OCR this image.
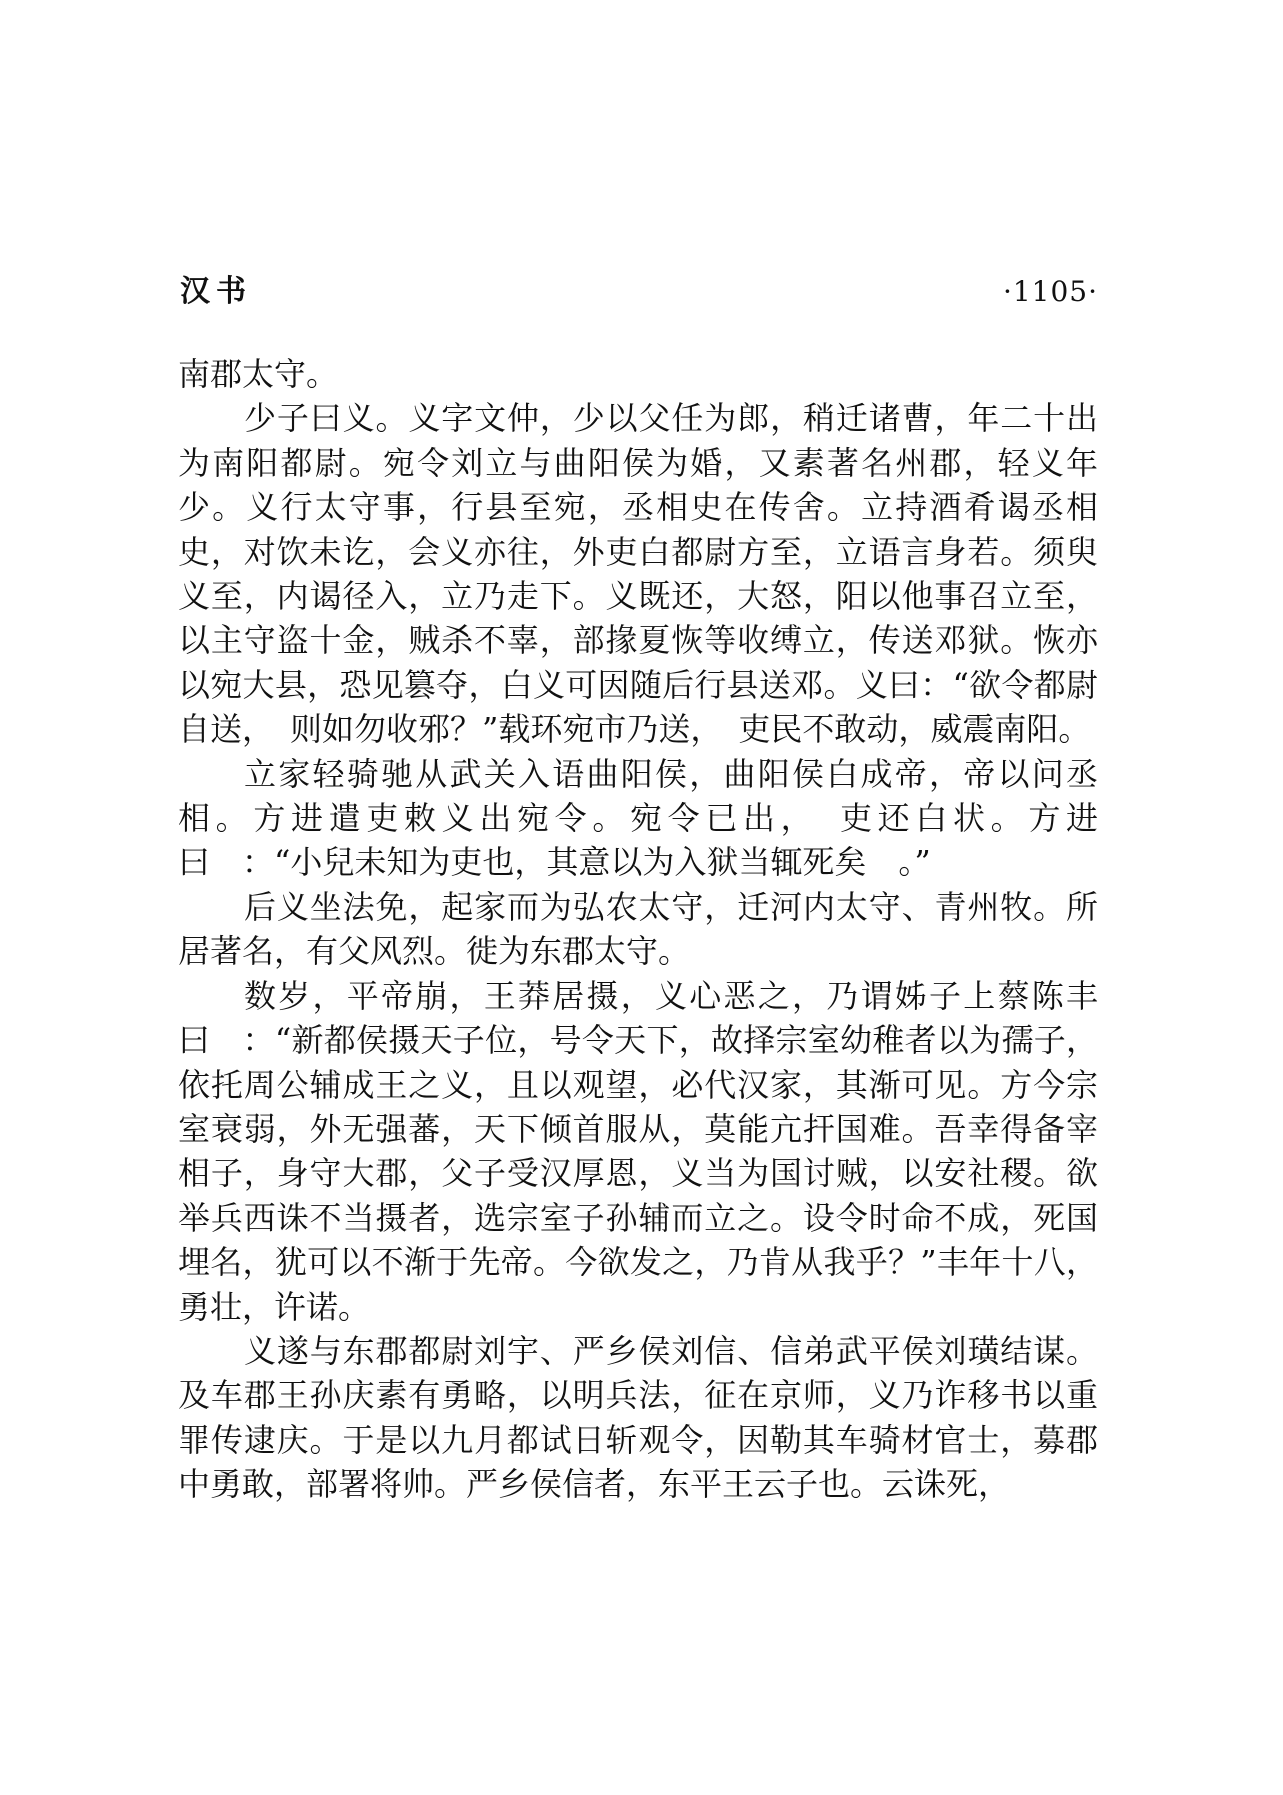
汉书	·1105·

南郡太守。

少子曰义。义字文仲，少以父任为郎，稍迁诸曹，年二十出为南阳都尉。宛令刘立与曲阳侯为婚，又素著名州郡，轻义年少。义行太守事，行县至宛，丞相史在传舍。立持酒肴谒丞相史，对饮未讫，会义亦往，外吏白都尉方至，立语言身若。须臾义至，内谒径入，立乃走下。义既还，大怒，阳以他事召立至，以主守盗十金，贼杀不辜，部掾夏恢等收缚立，传送邓狱。恢亦以宛大县，恐见篡夺，白义可因随后行县送邓。义曰：“欲令都尉自送，　则如勿收邪？”载环宛市乃送，　吏民不敢动，威震南阳。

立家轻骑驰从武关入语曲阳侯，曲阳侯白成帝，帝以问丞相。方进遣吏敕义出宛令。宛令已出，　吏还白状。方进曰　：“小兒未知为吏也，其意以为入狱当辄死矣　。”

后义坐法免，起家而为弘农太守，迁河内太守、青州牧。所居著名，有父风烈。徙为东郡太守。

数岁，平帝崩，王莽居摄，义心恶之，乃谓姊子上蔡陈丰曰　：“新都侯摄天子位，号令天下，故择宗室幼稚者以为孺子，依托周公辅成王之义，且以观望，必代汉家，其渐可见。方今宗室衰弱，外无强蕃，天下倾首服从，莫能亢扞国难。吾幸得备宰相子，身守大郡，父子受汉厚恩，义当为国讨贼，以安社稷。欲举兵西诛不当摄者，选宗室子孙辅而立之。设令时命不成，死国埋名，犹可以不渐于先帝。今欲发之，乃肯从我乎？”丰年十八，勇壮，许诺。

义遂与东郡都尉刘宇、严乡侯刘信、信弟武平侯刘璜结谋。及车郡王孙庆素有勇略，以明兵法，征在京师，义乃诈移书以重罪传逮庆。于是以九月都试日斩观令，因勒其车骑材官士，募郡中勇敢，部署将帅。严乡侯信者，东平王云子也。云诛死，
